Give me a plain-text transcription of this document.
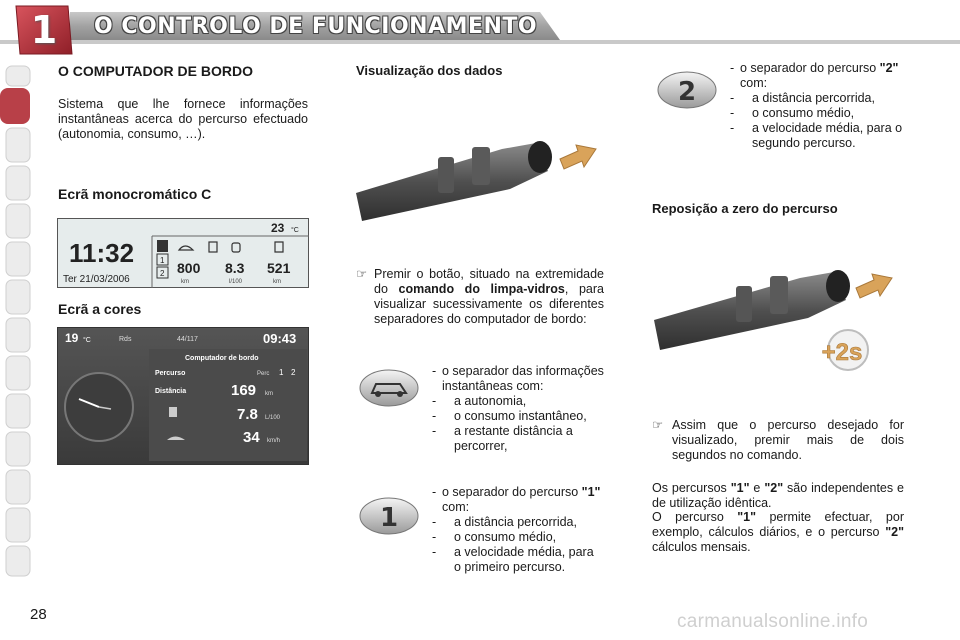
1	O CONTROLO DE FUNCIONAMENTO
O COMPUTADOR DE BORDO
Sistema que lhe fornece informações instantâneas acerca do percurso efectuado (autonomia, consumo, …).
Ecrã monocromático C
11:32
Ter 21/03/2006
23 °C
1
2 800
km
8.3
l/100
521
km
Ecrã a cores
19 °C	Rds	44/117	09:43
Computador de bordo
Percurso	Perc 1 2
Distância	169 km
7.8 L/100
34 km/h
Visualização dos dados
☞ Premir o botão, situado na extremidade do comando do limpa-vidros, para visualizar sucessivamente os diferentes separadores do computador de bordo:
- o separador das informações instantâneas com:
- a autonomia,
- o consumo instantâneo,
- a restante distância a percorrer,
1
- o separador do percurso "1" com:
- a distância percorrida,
- o consumo médio,
- a velocidade média, para o primeiro percurso.
2
- o separador do percurso "2" com:
- a distância percorrida,
- o consumo médio,
- a velocidade média, para o segundo percurso.
Reposição a zero do percurso
+2s
☞ Assim que o percurso desejado for visualizado, premir mais de dois segundos no comando.
Os percursos "1" e "2" são independentes e de utilização idêntica.
O percurso "1" permite efectuar, por exemplo, cálculos diários, e o percurso "2" cálculos mensais.
28	carmanualsonline.info
